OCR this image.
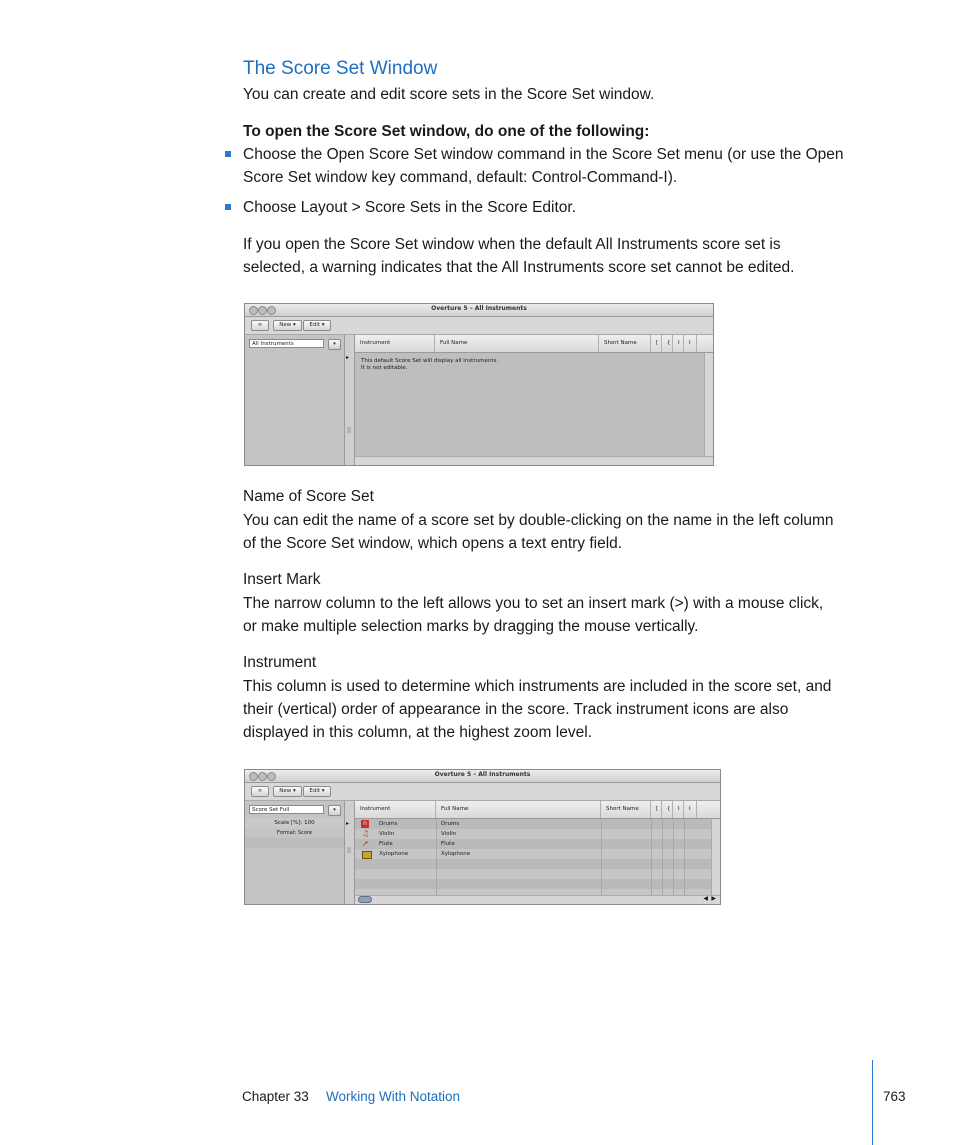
The Score Set Window
You can create and edit score sets in the Score Set window.
To open the Score Set window, do one of the following:
Choose the Open Score Set window command in the Score Set menu (or use the Open
Score Set window key command, default: Control-Command-I).
Choose Layout > Score Sets in the Score Editor.
If you open the Score Set window when the default All Instruments score set is
selected, a warning indicates that the All Instruments score set cannot be edited.
Overture 5 – All Instruments
∞	New ▾	Edit ▾
All Instruments	▾
▸
||
Instrument	Full Name	Short Name	[	{	I	I
This default Score Set will display all instruments.
It is not editable.
Name of Score Set
You can edit the name of a score set by double-clicking on the name in the left column
of the Score Set window, which opens a text entry field.
Insert Mark
The narrow column to the left allows you to set an insert mark (>) with a mouse click,
or make multiple selection marks by dragging the mouse vertically.
Instrument
This column is used to determine which instruments are included in the score set, and
their (vertical) order of appearance in the score. Track instrument icons are also
displayed in this column, at the highest zoom level.
Overture 5 – All Instruments
∞	New ▾	Edit ▾
Score Set Full	▾
Scale [%]: 100
Format: Score
▸
||
Instrument	Full Name	Short Name	[	{	I	I
∩	Drums	Drums
♫ Violin	Violin
➚ Flute	Flute
Xylophone	Xylophone
◀ ▶
Chapter 33 Working With Notation	763
